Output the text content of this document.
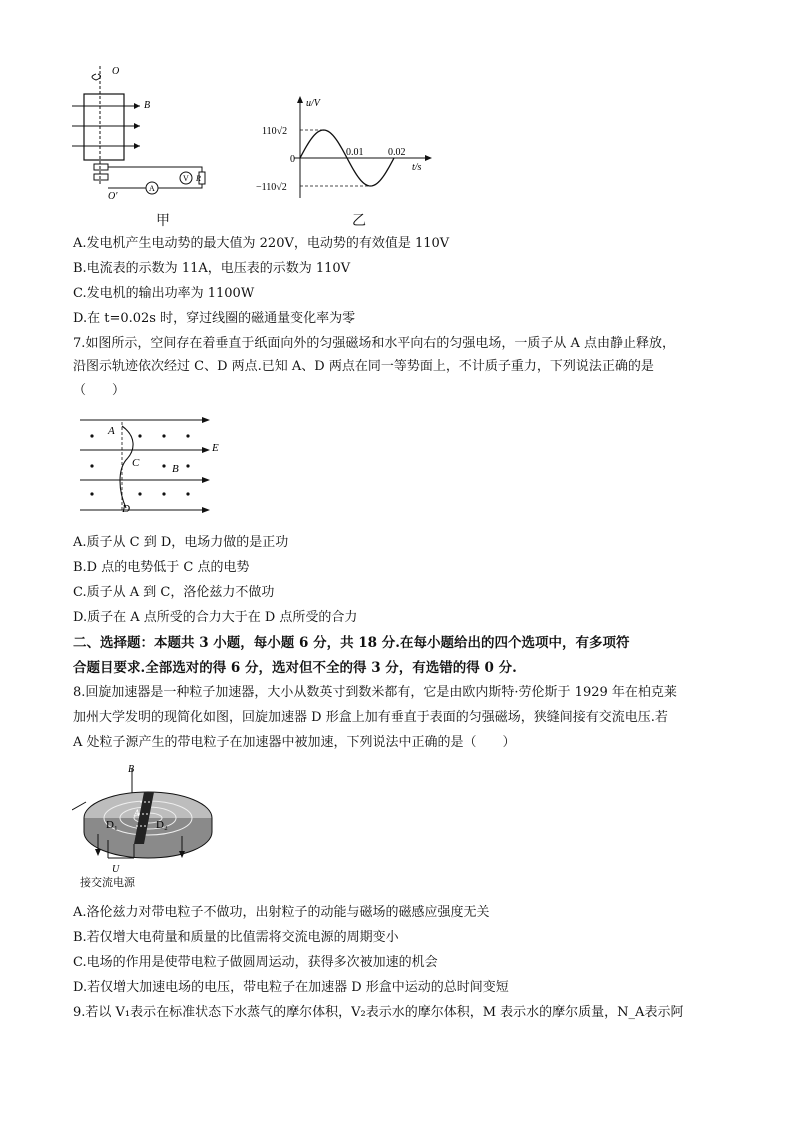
O
B
O′
A
V R
甲
u/V
t/s
0
110√2
−110√2
0.01 0.02
乙
A.发电机产生电动势的最大值为 220V，电动势的有效值是 110V
B.电流表的示数为 11A，电压表的示数为 110V
C.发电机的输出功率为 1100W
D.在 t=0.02s 时，穿过线圈的磁通量变化率为零
7.如图所示，空间存在着垂直于纸面向外的匀强磁场和水平向右的匀强电场，一质子从 A 点由静止释放，
沿图示轨迹依次经过 C、D 两点.已知 A、D 两点在同一等势面上，不计质子重力，下列说法正确的是
（　　）
E
A
C	B
D
A.质子从 C 到 D，电场力做的是正功
B.D 点的电势低于 C 点的电势
C.质子从 A 到 C，洛伦兹力不做功
D.质子在 A 点所受的合力大于在 D 点所受的合力
二、选择题：本题共 3 小题，每小题 6 分，共 18 分.在每小题给出的四个选项中，有多项符
合题目要求.全部选对的得 6 分，选对但不全的得 3 分，有选错的得 0 分.
8.回旋加速器是一种粒子加速器，大小从数英寸到数米都有，它是由欧内斯特·劳伦斯于 1929 年在柏克莱
加州大学发明的现简化如图，回旋加速器 D 形盒上加有垂直于表面的匀强磁场，狭缝间接有交流电压.若
A 处粒子源产生的带电粒子在加速器中被加速，下列说法中正确的是（　　）
B
A
D₁	D₂
U
接交流电源
A.洛伦兹力对带电粒子不做功，出射粒子的动能与磁场的磁感应强度无关
B.若仅增大电荷量和质量的比值需将交流电源的周期变小
C.电场的作用是使带电粒子做圆周运动，获得多次被加速的机会
D.若仅增大加速电场的电压，带电粒子在加速器 D 形盒中运动的总时间变短
9.若以 V₁表示在标准状态下水蒸气的摩尔体积，V₂表示水的摩尔体积，M 表示水的摩尔质量，N_A表示阿
